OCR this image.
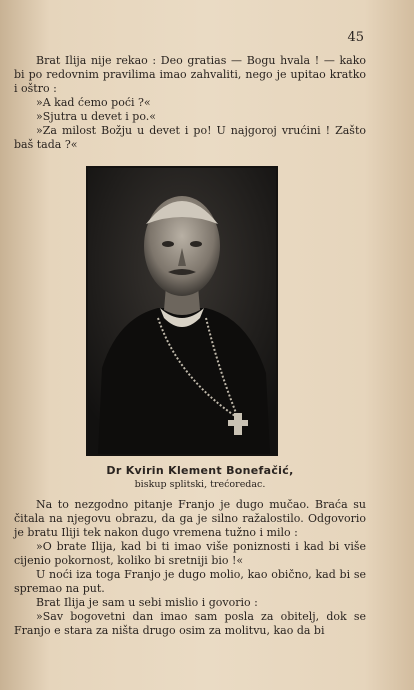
45

Brat Ilija nije rekao : Deo gratias — Bogu hvala ! — kako bi po redovnim pravilima imao zahvaliti, nego je upitao kratko i oštro :

»A kad ćemo poći ?«

»Sjutra u devet i po.«

»Za milost Božju u devet i po! U najgoroj vrućini ! Zašto baš tada ?«

Dr Kvirin Klement Bonefačić,
biskup splitski, trećoredac.

Na to nezgodno pitanje Franjo je dugo mučao. Braća su čitala na njegovu obrazu, da ga je silno ražalostilo. Odgovorio je bratu Iliji tek nakon dugo vremena tužno i milo :

»O brate Ilija, kad bi ti imao više poniznosti i kad bi više cijenio pokornost, koliko bi sretniji bio !«

U noći iza toga Franjo je dugo molio, kao obično, kad bi se spremao na put.

Brat Ilija je sam u sebi mislio i govorio :

»Sav bogovetni dan imao sam posla za obitelj, dok se Franjo e stara za ništa drugo osim za molitvu, kao da bi
